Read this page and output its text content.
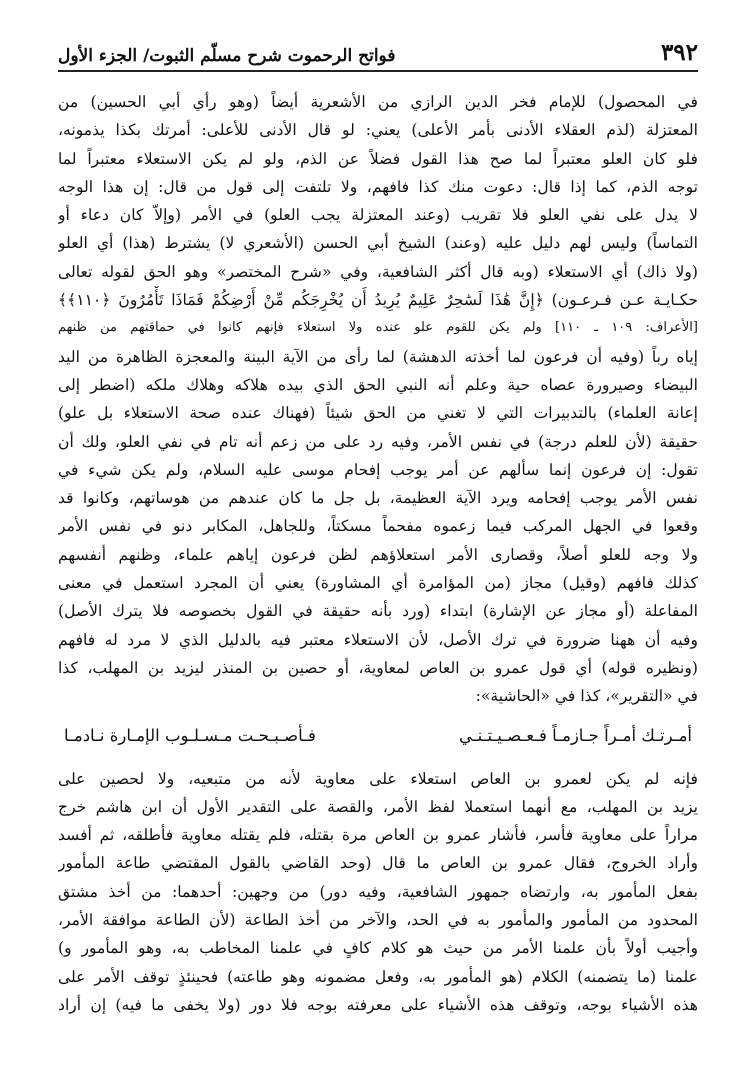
٣٩٢
فواتح الرحموت شرح مسلّم الثبوت/ الجزء الأول
في المحصول) للإمام فخر الدين الرازي من الأشعرية أيضاً (وهو رأي أبي الحسين) من
المعتزلة (لذم العقلاء الأدنى بأمر الأعلى) يعني: لو قال الأدنى للأعلى: أمرتك بكذا يذمونه،
فلو كان العلو معتبراً لما صح هذا القول فضلاً عن الذم، ولو لم يكن الاستعلاء معتبراً لما
توجه الذم، كما إذا قال: دعوت منك كذا فافهم، ولا تلتفت إلى قول من قال: إن هذا الوجه
لا يدل على نفي العلو فلا تقريب (وعند المعتزلة يجب العلو) في الأمر (وإلاّ كان دعاء أو
التماساً) وليس لهم دليل عليه (وعند) الشيخ أبي الحسن (الأشعري لا) يشترط (هذا) أي العلو
(ولا ذاك) أي الاستعلاء (وبه قال أكثر الشافعية، وفي «شرح المختصر» وهو الحق لقوله تعالى
حكـايـة عـن فـرعـون) ﴿إِنَّ هَٰذَا لَسَٰحِرٌ عَلِيمٌ يُرِيدُ أَن يُخْرِجَكُم مِّنْ أَرْضِكُمْ فَمَاذَا تَأْمُرُونَ ﴿١١٠﴾﴾
[الأعراف: ١٠٩ ـ ١١٠] ولم يكن للقوم علو عنده ولا استعلاء فإنهم كانوا في حماقتهم من ظنهم
إياه رباً (وفيه أن فرعون لما أخذته الدهشة) لما رأى من الآية البينة والمعجزة الظاهرة من اليد
البيضاء وصيرورة عصاه حية وعلم أنه النبي الحق الذي بيده هلاكه وهلاك ملكه (اضطر إلى
إعانة العلماء) بالتدبيرات التي لا تغني من الحق شيئاً (فهناك عنده صحة الاستعلاء بل علو)
حقيقة (لأن للعلم درجة) في نفس الأمر، وفيه رد على من زعم أنه تام في نفي العلو، ولك أن
تقول: إن فرعون إنما سألهم عن أمر يوجب إفحام موسى عليه السلام، ولم يكن شيء في
نفس الأمر يوجب إفحامه ويرد الآية العظيمة، بل جل ما كان عندهم من هوساتهم، وكانوا قد
وقعوا في الجهل المركب فيما زعموه مفحماً مسكتاً، وللجاهل، المكابر دنو في نفس الأمر
ولا وجه للعلو أصلاً، وقصارى الأمر استعلاؤهم لظن فرعون إياهم علماء، وظنهم أنفسهم
كذلك فافهم (وقيل) مجاز (من المؤامرة أي المشاورة) يعني أن المجرد استعمل في معنى
المفاعلة (أو مجاز عن الإشارة) ابتداء (ورد بأنه حقيقة في القول بخصوصه فلا يترك الأصل)
وفيه أن ههنا ضرورة في ترك الأصل، لأن الاستعلاء معتبر فيه بالدليل الذي لا مرد له فافهم
(ونظيره قوله) أي قول عمرو بن العاص لمعاوية، أو حصين بن المنذر ليزيد بن المهلب، كذا
في «التقرير»، كذا في «الحاشية»:
أمـرتـك أمـراً جـازمـاً فـعـصـيـتـنـي
فـأصـبـحـت مـسـلـوب الإمـارة نـادمـا
فإنه لم يكن لعمرو بن العاص استعلاء على معاوية لأنه من متبعيه، ولا لحصين على
يزيد بن المهلب، مع أنهما استعملا لفظ الأمر، والقصة على التقدير الأول أن ابن هاشم خرج
مراراً على معاوية فأسر، فأشار عمرو بن العاص مرة بقتله، فلم يقتله معاوية فأطلقه، ثم أفسد
وأراد الخروج، فقال عمرو بن العاص ما قال (وحد القاضي بالقول المقتضي طاعة المأمور
بفعل المأمور به، وارتضاه جمهور الشافعية، وفيه دور) من وجهين: أحدهما: من أخذ مشتق
المحدود من المأمور والمأمور به في الحد، والآخر من أخذ الطاعة (لأن الطاعة موافقة الأمر،
وأجيب أولاً بأن علمنا الأمر من حيث هو كلام كافٍ في علمنا المخاطب به، وهو المأمور و)
علمنا (ما يتضمنه) الكلام (هو المأمور به، وفعل مضمونه وهو طاعته) فحينئذٍ توقف الأمر على
هذه الأشياء بوجه، وتوقف هذه الأشياء على معرفته بوجه فلا دور (ولا يخفى ما فيه) إن أراد
